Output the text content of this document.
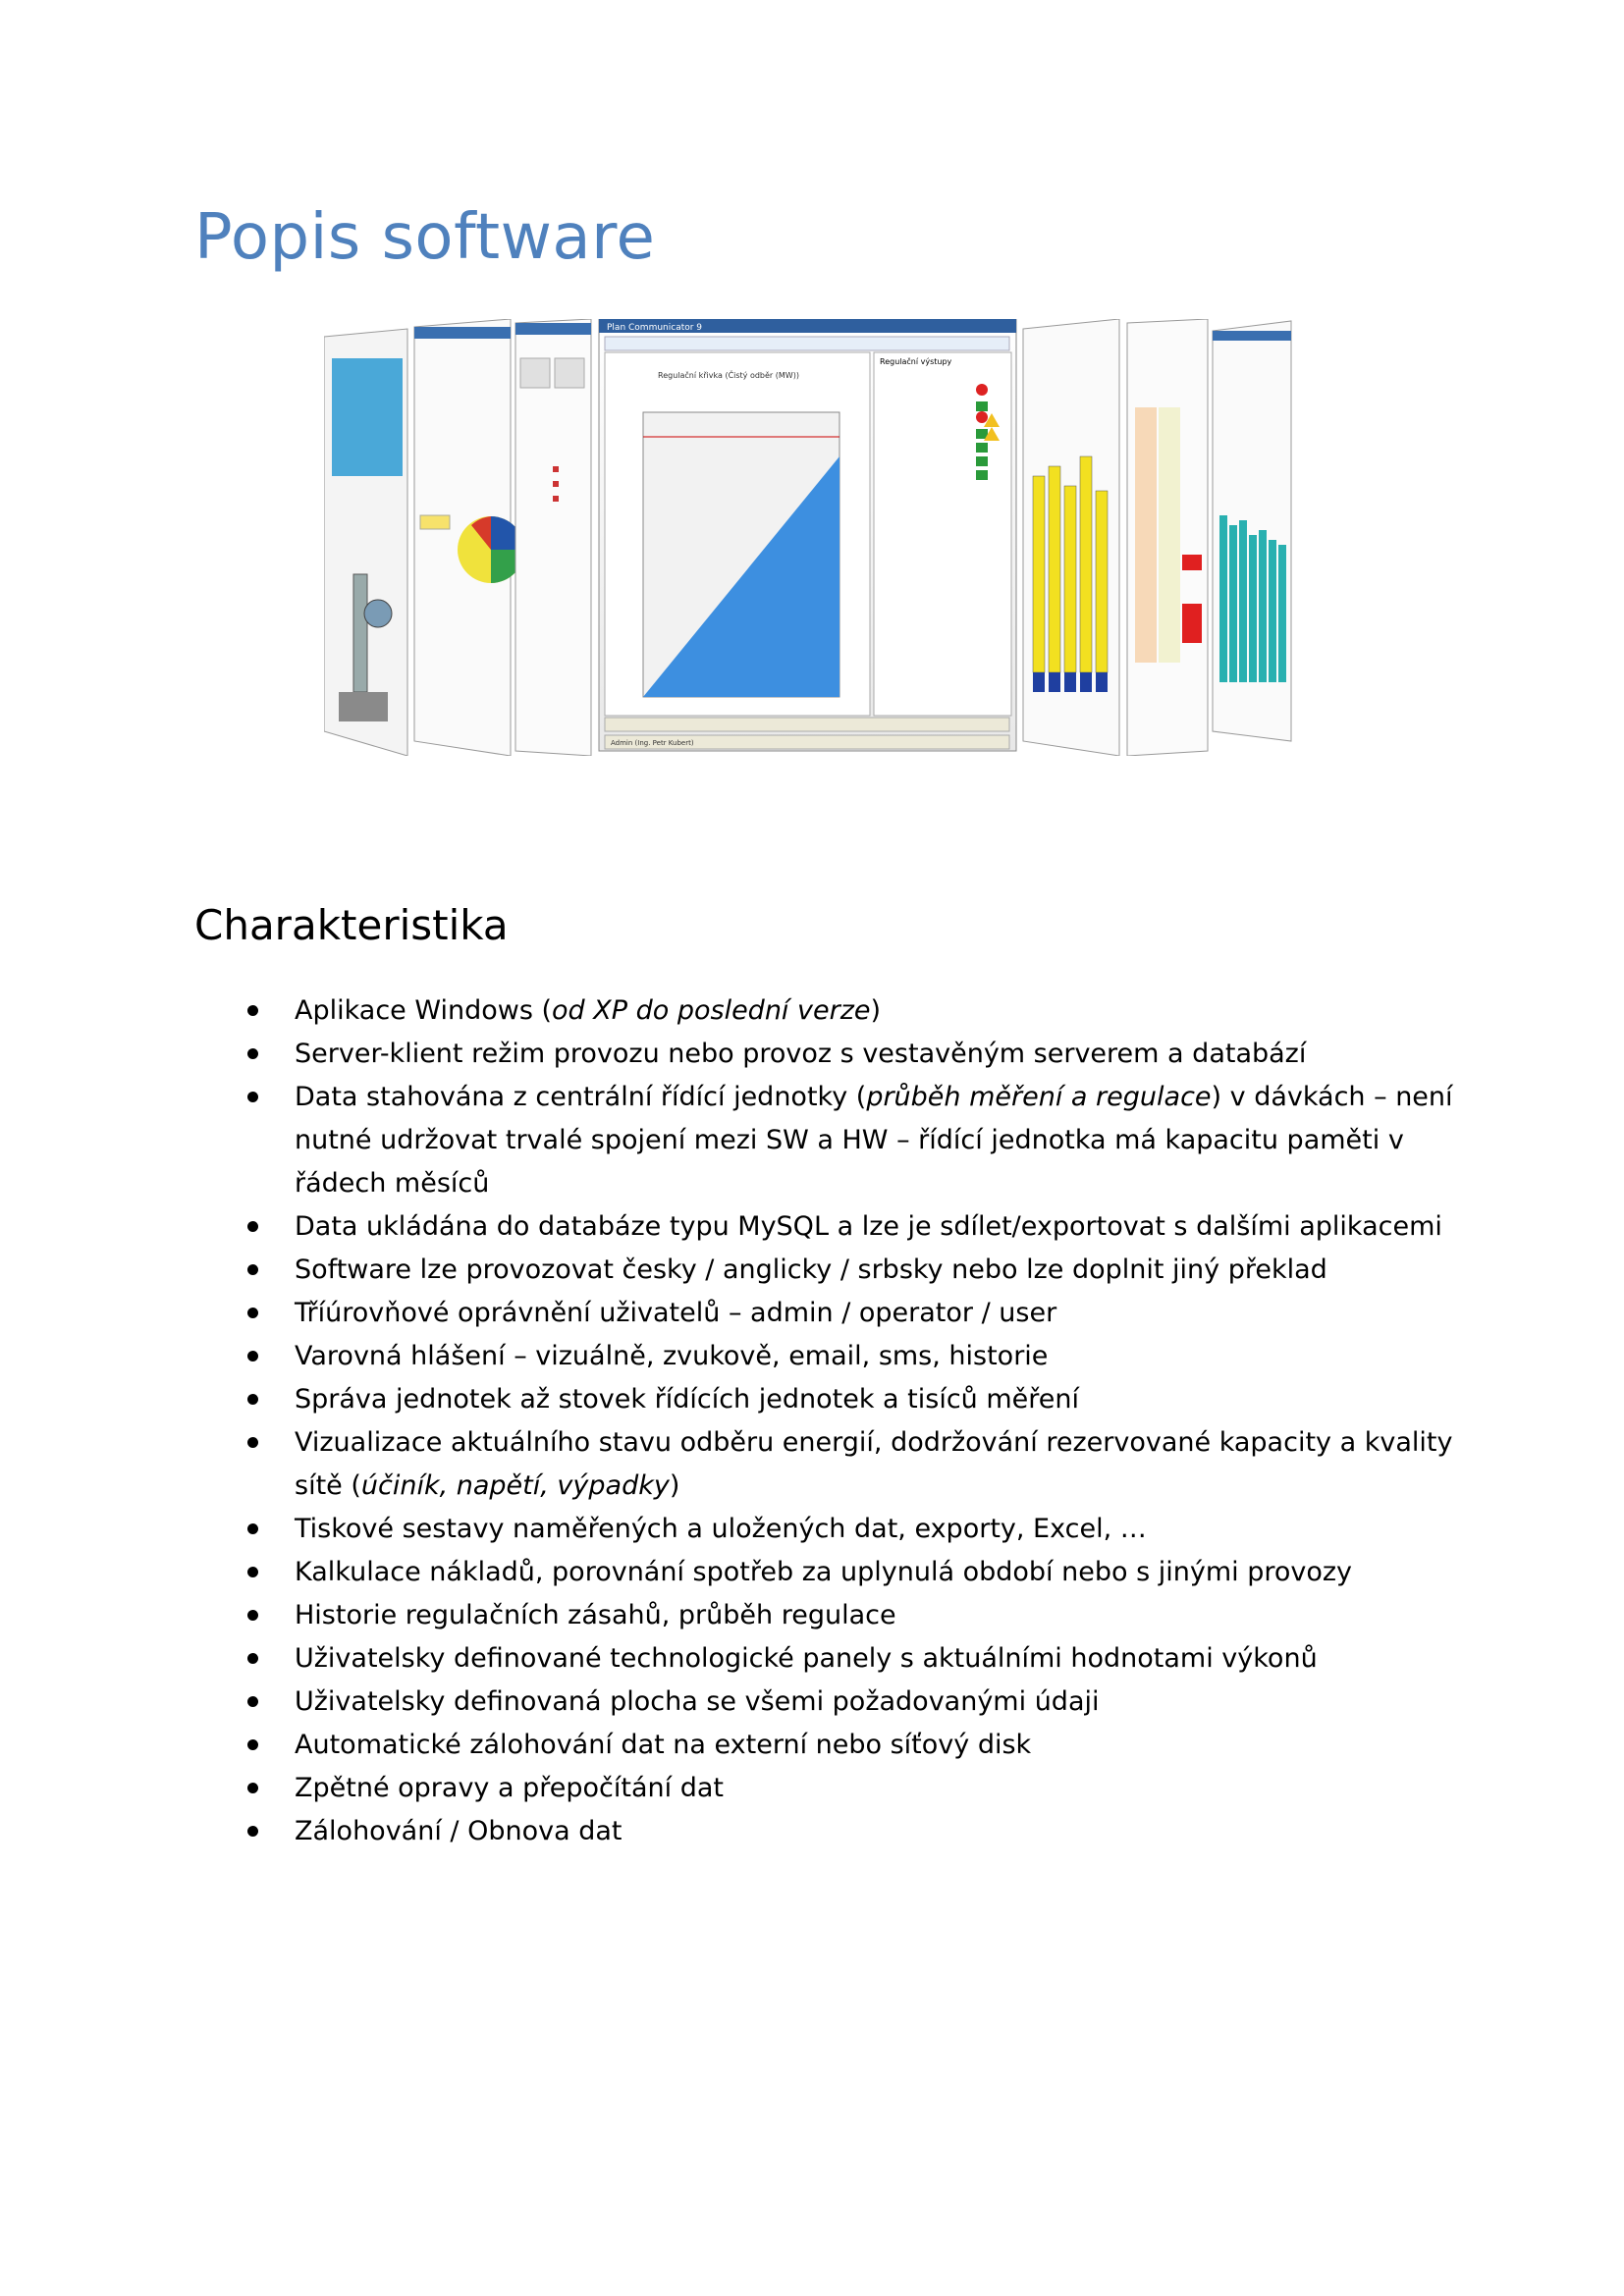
Popis software
Plan Communicator 9
Regulační křivka (Čistý odběr (MW))
Regulační výstupy
Admin (Ing. Petr Kubert)
Charakteristika
Aplikace Windows (od XP do poslední verze)
Server-klient režim provozu nebo provoz s vestavěným serverem a databází
Data stahována z centrální řídící jednotky (průběh měření a regulace) v dávkách – není nutné udržovat trvalé spojení mezi SW a HW – řídící jednotka má kapacitu paměti v řádech měsíců
Data ukládána do databáze typu MySQL a lze je sdílet/exportovat s dalšími aplikacemi
Software lze provozovat česky / anglicky / srbsky nebo lze doplnit jiný překlad
Tříúrovňové oprávnění uživatelů – admin / operator / user
Varovná hlášení – vizuálně, zvukově, email, sms, historie
Správa jednotek až stovek řídících jednotek a tisíců měření
Vizualizace aktuálního stavu odběru energií, dodržování rezervované kapacity a kvality sítě (účiník, napětí, výpadky)
Tiskové sestavy naměřených a uložených dat, exporty, Excel, …
Kalkulace nákladů, porovnání spotřeb za uplynulá období nebo s jinými provozy
Historie regulačních zásahů, průběh regulace
Uživatelsky definované technologické panely s aktuálními hodnotami výkonů
Uživatelsky definovaná plocha se všemi požadovanými údaji
Automatické zálohování dat na externí nebo síťový disk
Zpětné opravy a přepočítání dat
Zálohování / Obnova dat
